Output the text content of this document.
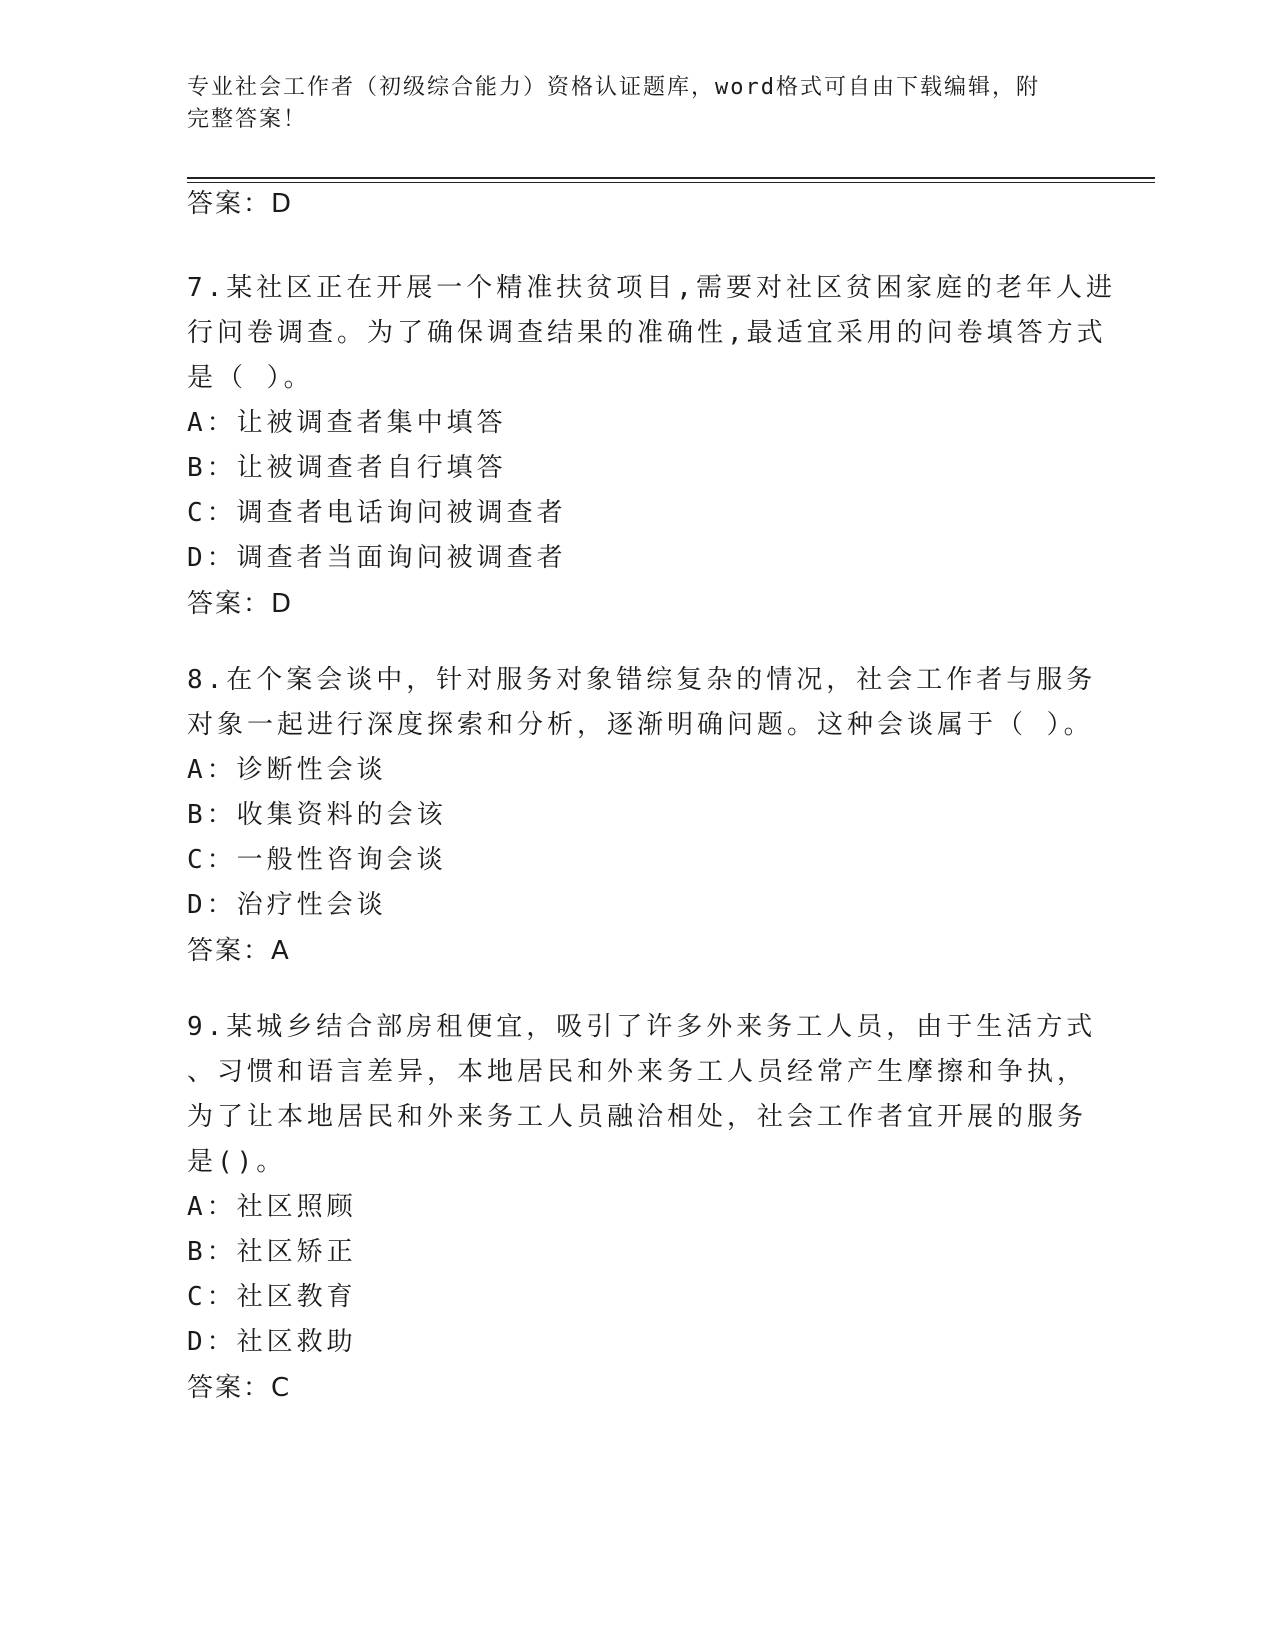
专业社会工作者（初级综合能力）资格认证题库，word格式可自由下载编辑，附
完整答案！
答案：D
7.某社区正在开展一个精准扶贫项目,需要对社区贫困家庭的老年人进
行问卷调查。为了确保调查结果的准确性,最适宜采用的问卷填答方式
是（ ）。
A：让被调查者集中填答
B：让被调查者自行填答
C：调查者电话询问被调查者
D：调查者当面询问被调查者
答案：D
8.在个案会谈中，针对服务对象错综复杂的情况，社会工作者与服务
对象一起进行深度探索和分析，逐渐明确问题。这种会谈属于（ ）。
A：诊断性会谈
B：收集资料的会该
C：一般性咨询会谈
D：治疗性会谈
答案：A
9.某城乡结合部房租便宜，吸引了许多外来务工人员，由于生活方式
、习惯和语言差异，本地居民和外来务工人员经常产生摩擦和争执，
为了让本地居民和外来务工人员融洽相处，社会工作者宜开展的服务
是()。
A：社区照顾
B：社区矫正
C：社区教育
D：社区救助
答案：C
